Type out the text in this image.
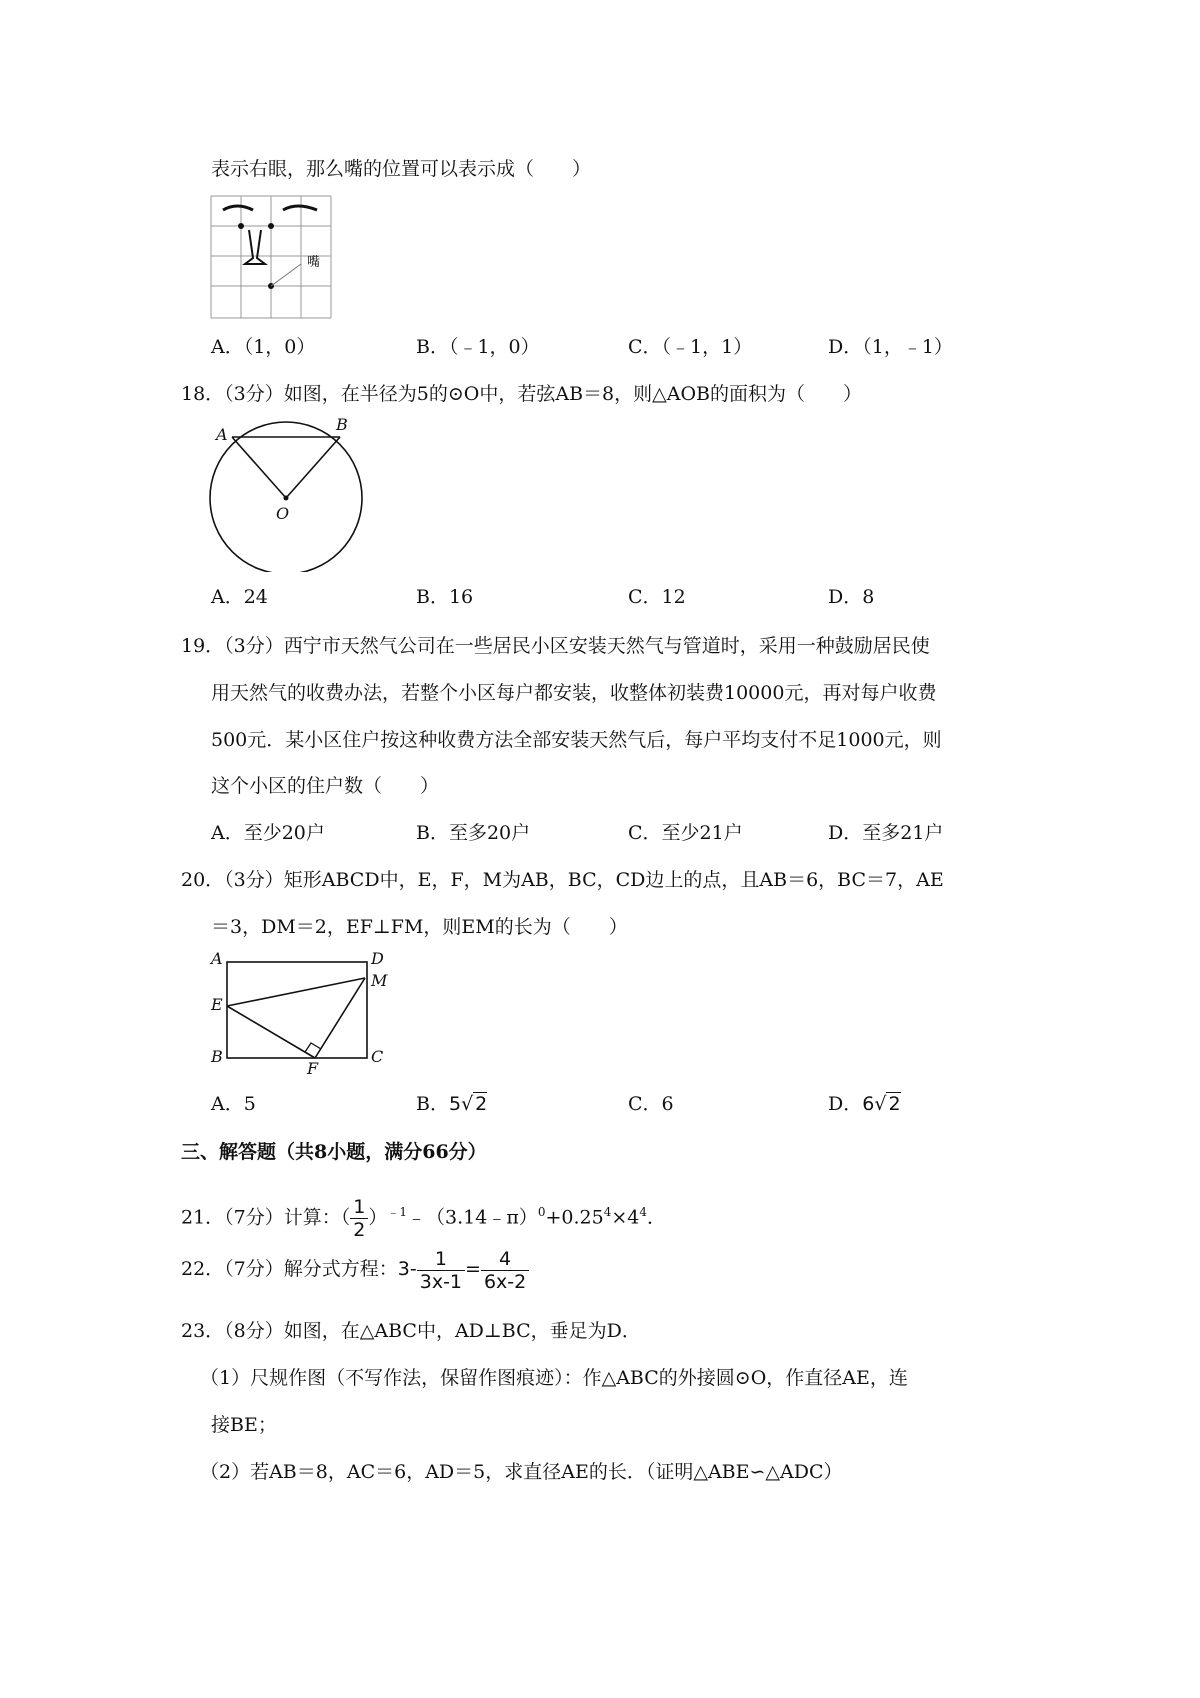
表示右眼，那么嘴的位置可以表示成（　　）
嘴
A．（1，0）	B．（﹣1，0）	C．（﹣1，1）	D．（1，﹣1）
18．（3分）如图，在半径为5的⊙O中，若弦AB＝8，则△AOB的面积为（　　）
A
B
O
A．24	B．16	C．12	D．8
19．（3分）西宁市天然气公司在一些居民小区安装天然气与管道时，采用一种鼓励居民使
用天然气的收费办法，若整个小区每户都安装，收整体初装费10000元，再对每户收费
500元．某小区住户按这种收费方法全部安装天然气后，每户平均支付不足1000元，则
这个小区的住户数（　　）
A．至少20户	B．至多20户	C．至少21户	D．至多21户
20．（3分）矩形ABCD中，E，F，M为AB，BC，CD边上的点，且AB＝6，BC＝7，AE
＝3，DM＝2，EF⊥FM，则EM的长为（　　）
A	D
M
E
B	C
F
A．5	B．5√ 2	C．6	D．6√ 2
三、解答题（共8小题，满分66分）
21．（7分）计算：（ $\frac{1}{2}$ ）$^{﹣1}﹣(3.14﹣\pi)^0+0.25^4\times 4^4$．
22．（7分）解分式方程：$3- \frac{1}{3x-1} = \frac{4}{6x-2}$
23．（8分）如图，在△ABC中，AD⊥BC，垂足为D．
（1）尺规作图（不写作法，保留作图痕迹）：作△ABC的外接圆⊙O，作直径AE，连
接BE；
（2）若AB＝8，AC＝6，AD＝5，求直径AE的长．（证明△ABE∽△ADC）
